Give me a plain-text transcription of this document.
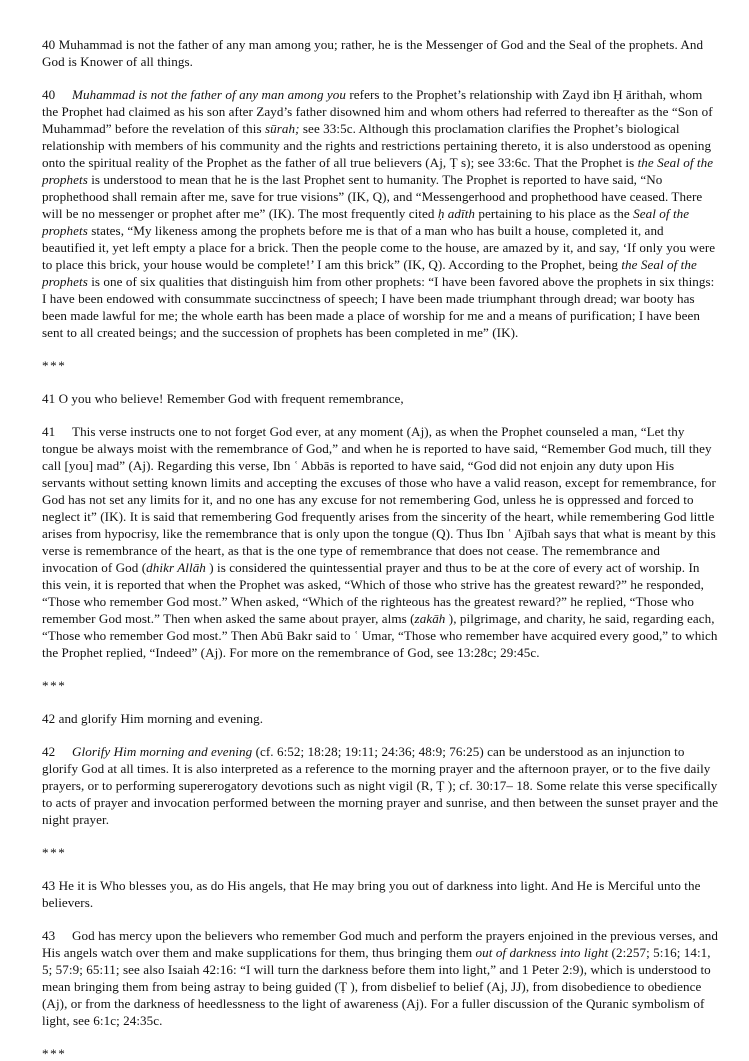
40 Muhammad is not the father of any man among you; rather, he is the Messenger of God and the Seal of the prophets. And God is Knower of all things.

40 Muhammad is not the father of any man among you refers to the Prophet’s relationship with Zayd ibn Ḥ ārithah, whom the Prophet had claimed as his son after Zayd’s father disowned him and whom others had referred to thereafter as the “Son of Muhammad” before the revelation of this sūrah; see 33:5c. Although this proclamation clarifies the Prophet’s biological relationship with members of his community and the rights and restrictions pertaining thereto, it is also understood as opening onto the spiritual reality of the Prophet as the father of all true believers (Aj, Ṭ s); see 33:6c. That the Prophet is the Seal of the prophets is understood to mean that he is the last Prophet sent to humanity. The Prophet is reported to have said, “No prophethood shall remain after me, save for true visions” (IK, Q), and “Messengerhood and prophethood have ceased. There will be no messenger or prophet after me” (IK). The most frequently cited ḥ adīth pertaining to his place as the Seal of the prophets states, “My likeness among the prophets before me is that of a man who has built a house, completed it, and beautified it, yet left empty a place for a brick. Then the people come to the house, are amazed by it, and say, ‘If only you were to place this brick, your house would be complete!’ I am this brick” (IK, Q). According to the Prophet, being the Seal of the prophets is one of six qualities that distinguish him from other prophets: “I have been favored above the prophets in six things: I have been endowed with consummate succinctness of speech; I have been made triumphant through dread; war booty has been made lawful for me; the whole earth has been made a place of worship for me and a means of purification; I have been sent to all created beings; and the succession of prophets has been completed in me” (IK).

***

41 O you who believe! Remember God with frequent remembrance,

41 This verse instructs one to not forget God ever, at any moment (Aj), as when the Prophet counseled a man, “Let thy tongue be always moist with the remembrance of God,” and when he is reported to have said, “Remember God much, till they call [you] mad” (Aj). Regarding this verse, Ibn ʿ Abbās is reported to have said, “God did not enjoin any duty upon His servants without setting known limits and accepting the excuses of those who have a valid reason, except for remembrance, for God has not set any limits for it, and no one has any excuse for not remembering God, unless he is oppressed and forced to neglect it” (IK). It is said that remembering God frequently arises from the sincerity of the heart, while remembering God little arises from hypocrisy, like the remembrance that is only upon the tongue (Q). Thus Ibn ʿ Ajībah says that what is meant by this verse is remembrance of the heart, as that is the one type of remembrance that does not cease. The remembrance and invocation of God (dhikr Allāh ) is considered the quintessential prayer and thus to be at the core of every act of worship. In this vein, it is reported that when the Prophet was asked, “Which of those who strive has the greatest reward?” he responded, “Those who remember God most.” When asked, “Which of the righteous has the greatest reward?” he replied, “Those who remember God most.” Then when asked the same about prayer, alms (zakāh ), pilgrimage, and charity, he said, regarding each, “Those who remember God most.” Then Abū Bakr said to ʿ Umar, “Those who remember have acquired every good,” to which the Prophet replied, “Indeed” (Aj). For more on the remembrance of God, see 13:28c; 29:45c.

***

42 and glorify Him morning and evening.

42 Glorify Him morning and evening (cf. 6:52; 18:28; 19:11; 24:36; 48:9; 76:25) can be understood as an injunction to glorify God at all times. It is also interpreted as a reference to the morning prayer and the afternoon prayer, or to the five daily prayers, or to performing supererogatory devotions such as night vigil (R, Ṭ ); cf. 30:17– 18. Some relate this verse specifically to acts of prayer and invocation performed between the morning prayer and sunrise, and then between the sunset prayer and the night prayer.

***

43 He it is Who blesses you, as do His angels, that He may bring you out of darkness into light. And He is Merciful unto the believers.

43 God has mercy upon the believers who remember God much and perform the prayers enjoined in the previous verses, and His angels watch over them and make supplications for them, thus bringing them out of darkness into light (2:257; 5:16; 14:1, 5; 57:9; 65:11; see also Isaiah 42:16: “I will turn the darkness before them into light,” and 1 Peter 2:9), which is understood to mean bringing them from being astray to being guided (Ṭ ), from disbelief to belief (Aj, JJ), from disobedience to obedience (Aj), or from the darkness of heedlessness to the light of awareness (Aj). For a fuller discussion of the Quranic symbolism of light, see 6:1c; 24:35c.

***
